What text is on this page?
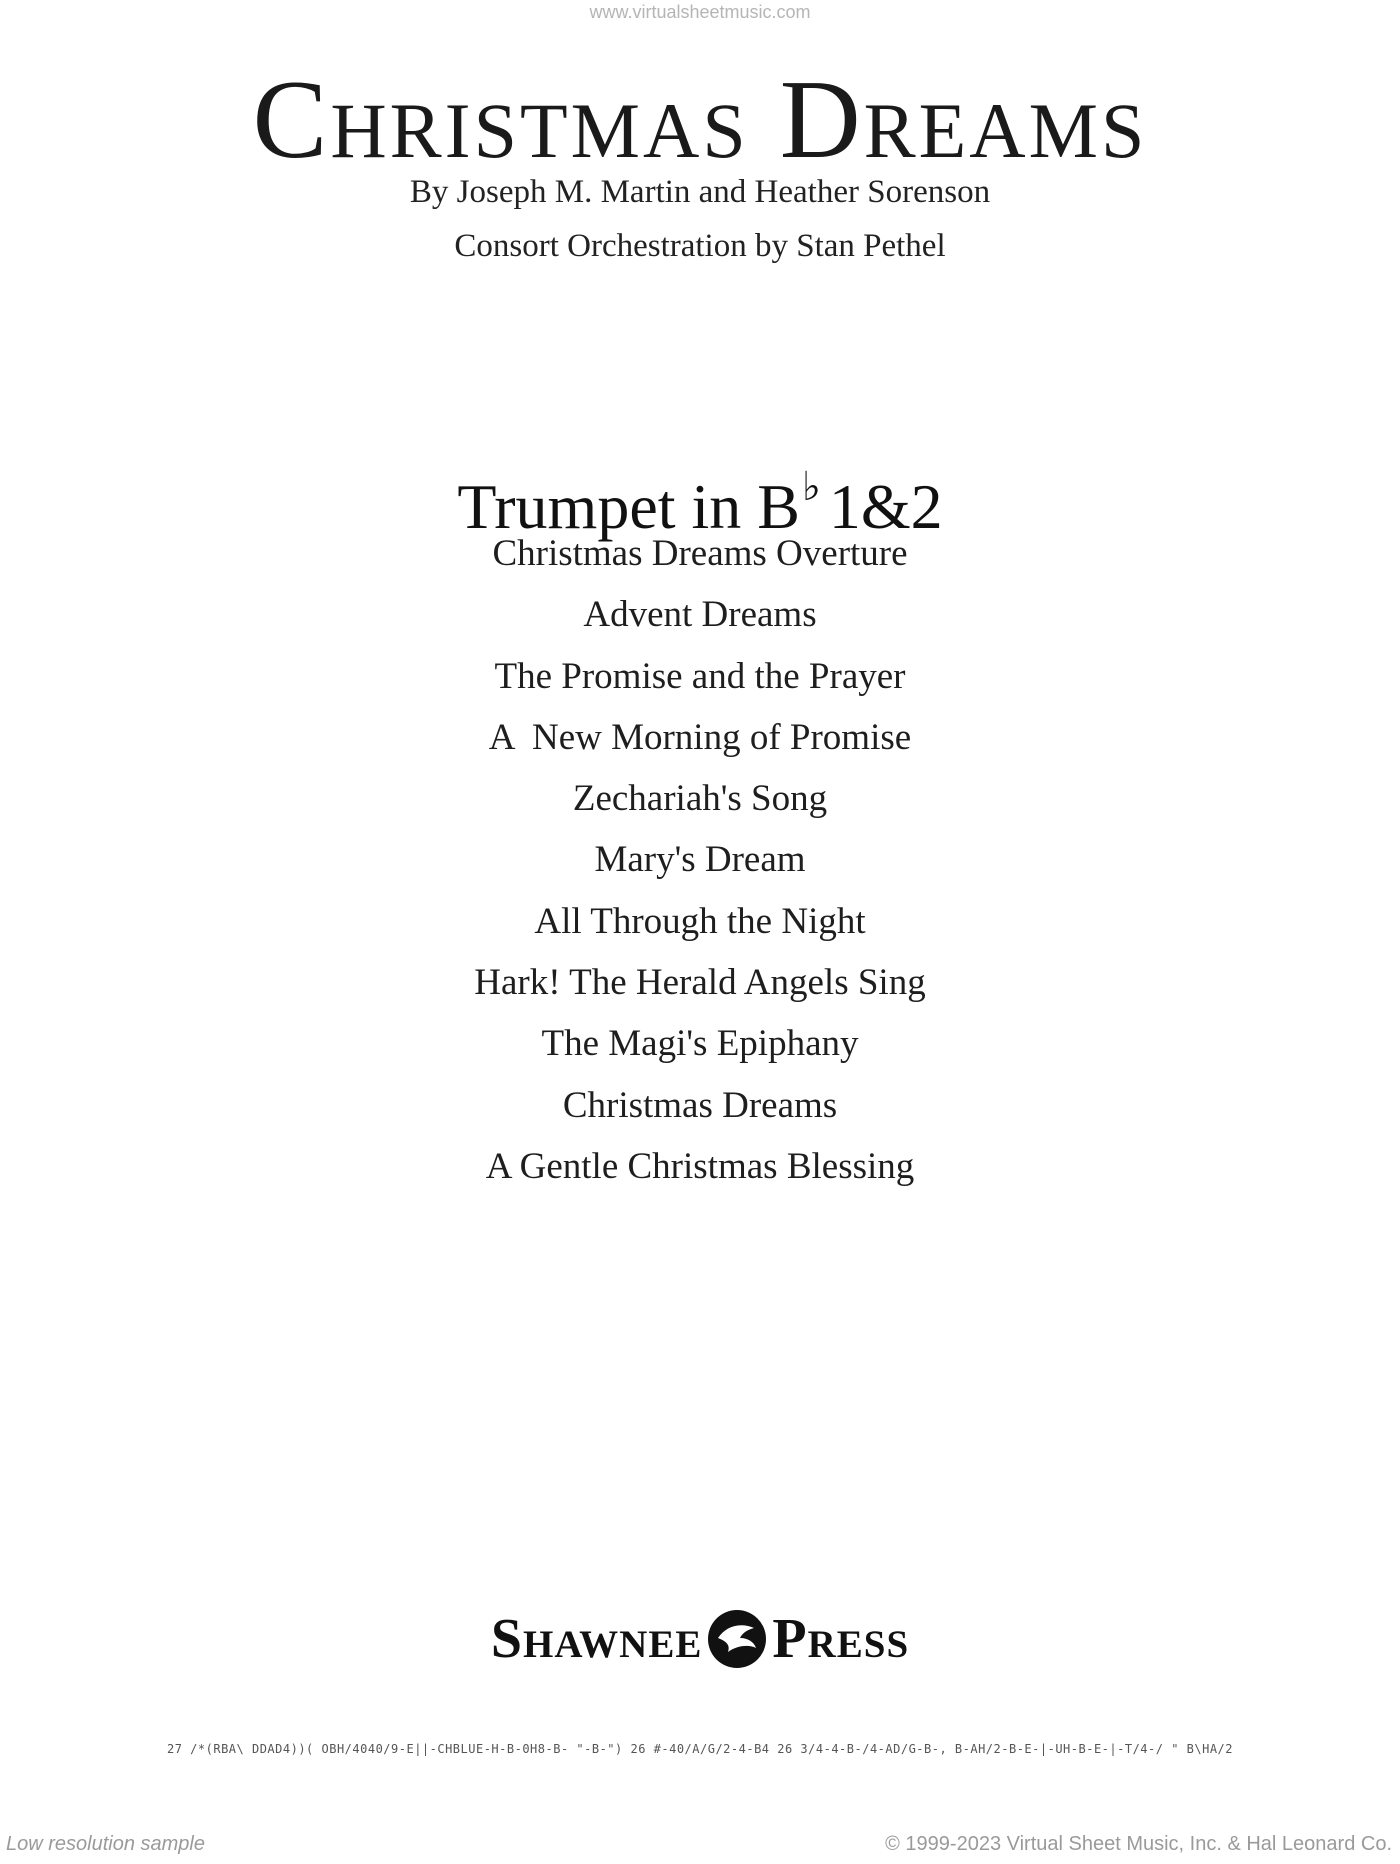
www.virtualsheetmusic.com
Christmas Dreams
By Joseph M. Martin and Heather Sorenson
Consort Orchestration by Stan Pethel
Trumpet in B♭ 1&2
Christmas Dreams Overture
Advent Dreams
The Promise and the Prayer
A  New Morning of Promise
Zechariah's Song
Mary's Dream
All Through the Night
Hark! The Herald Angels Sing
The Magi's Epiphany
Christmas Dreams
A Gentle Christmas Blessing
Shawnee Press
27 /*(RBA\ DDAD4))( OBH/4040/9-E||-CHBLUE-H-B-0H8-B- "-B-") 26 #-40/A/G/2-4-B4 26 3/4-4-B-/4-AD/G-B-, B-AH/2-B-E-|-UH-B-E-|-T/4-/ " B\HA/2
Low resolution sample	© 1999-2023 Virtual Sheet Music, Inc. & Hal Leonard Co.
